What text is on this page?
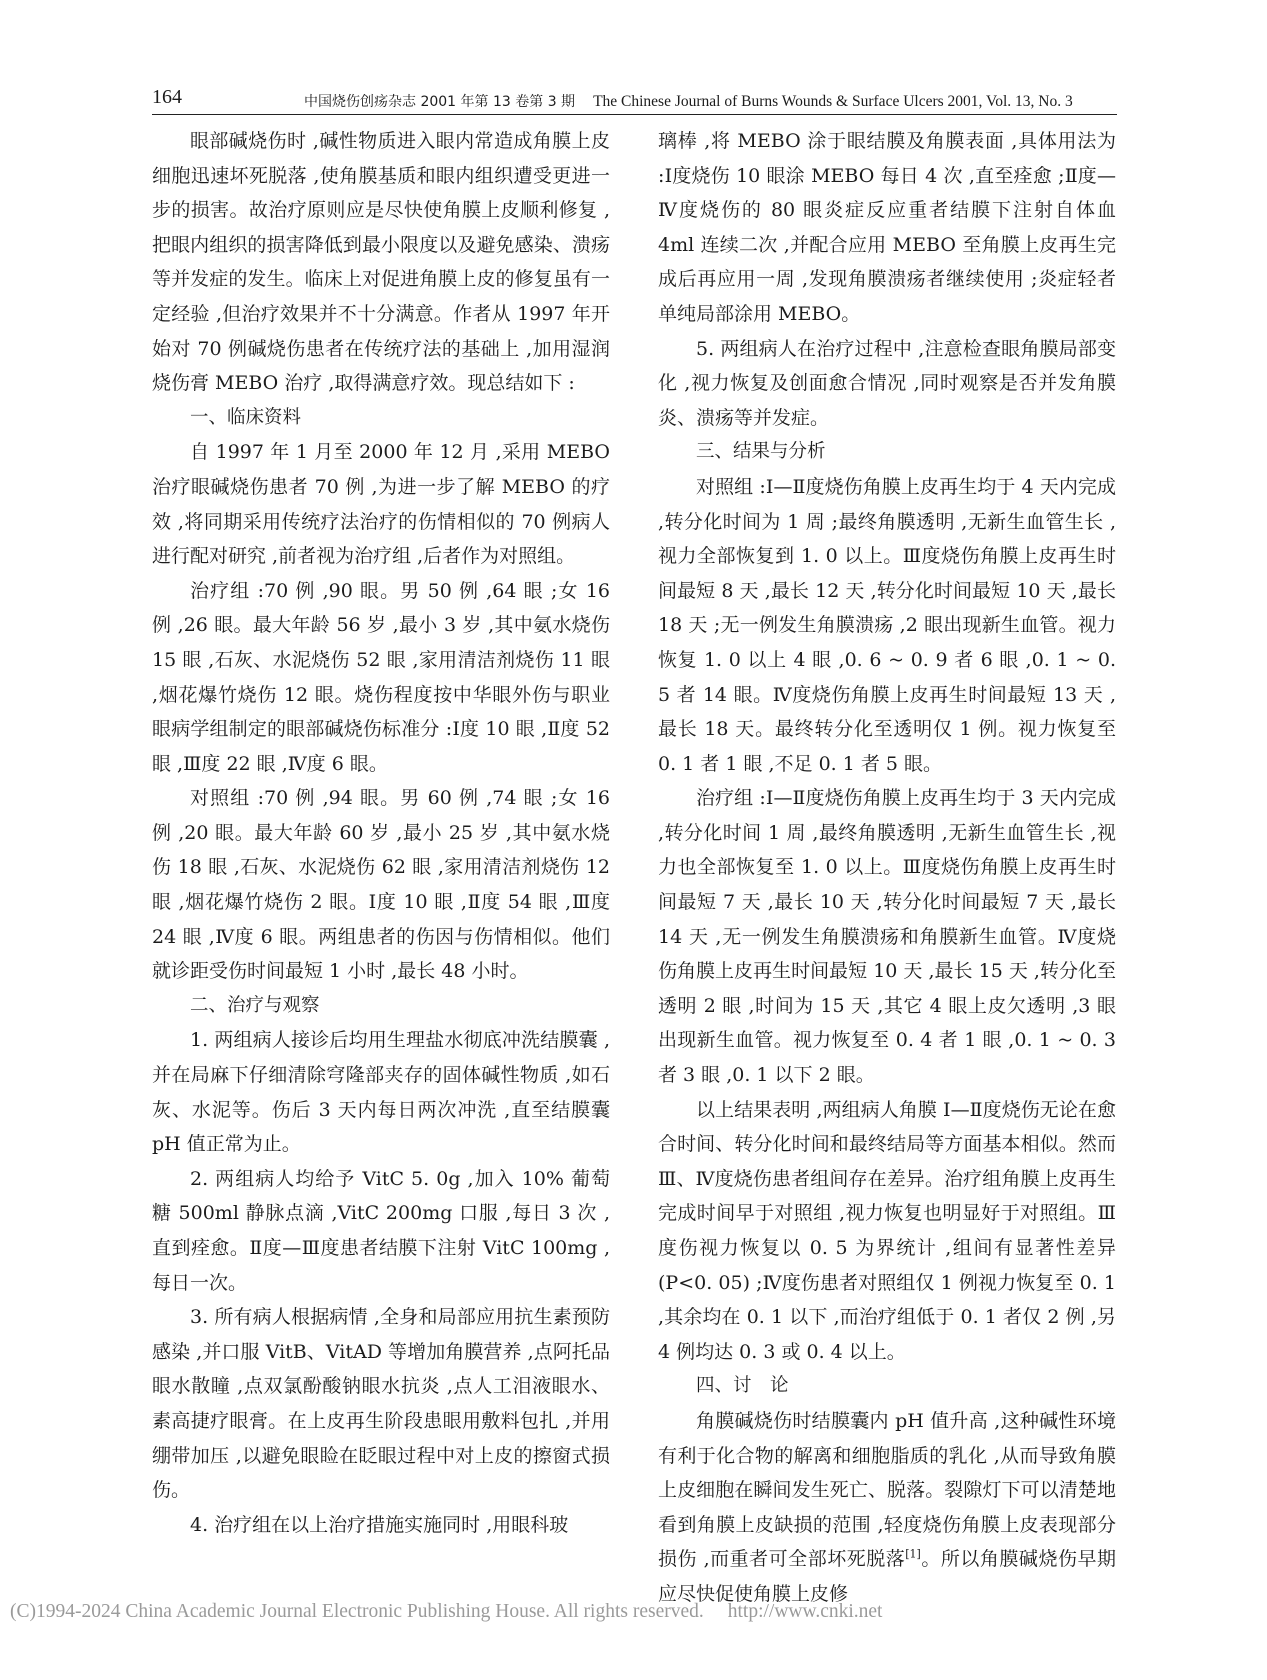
164	中国烧伤创疡杂志 2001 年第 13 卷第 3 期 The Chinese Journal of Burns Wounds & Surface Ulcers 2001, Vol. 13, No. 3

眼部碱烧伤时 ,碱性物质进入眼内常造成角膜上皮细胞迅速坏死脱落 ,使角膜基质和眼内组织遭受更进一步的损害。故治疗原则应是尽快使角膜上皮顺利修复 ,把眼内组织的损害降低到最小限度以及避免感染、溃疡等并发症的发生。临床上对促进角膜上皮的修复虽有一定经验 ,但治疗效果并不十分满意。作者从 1997 年开始对 70 例碱烧伤患者在传统疗法的基础上 ,加用湿润烧伤膏 MEBO 治疗 ,取得满意疗效。现总结如下 :

一、临床资料

自 1997 年 1 月至 2000 年 12 月 ,采用 MEBO 治疗眼碱烧伤患者 70 例 ,为进一步了解 MEBO 的疗效 ,将同期采用传统疗法治疗的伤情相似的 70 例病人进行配对研究 ,前者视为治疗组 ,后者作为对照组。

治疗组 :70 例 ,90 眼。男 50 例 ,64 眼 ;女 16 例 ,26 眼。最大年龄 56 岁 ,最小 3 岁 ,其中氨水烧伤 15 眼 ,石灰、水泥烧伤 52 眼 ,家用清洁剂烧伤 11 眼 ,烟花爆竹烧伤 12 眼。烧伤程度按中华眼外伤与职业眼病学组制定的眼部碱烧伤标准分 :Ⅰ度 10 眼 ,Ⅱ度 52 眼 ,Ⅲ度 22 眼 ,Ⅳ度 6 眼。

对照组 :70 例 ,94 眼。男 60 例 ,74 眼 ;女 16 例 ,20 眼。最大年龄 60 岁 ,最小 25 岁 ,其中氨水烧伤 18 眼 ,石灰、水泥烧伤 62 眼 ,家用清洁剂烧伤 12 眼 ,烟花爆竹烧伤 2 眼。Ⅰ度 10 眼 ,Ⅱ度 54 眼 ,Ⅲ度 24 眼 ,Ⅳ度 6 眼。两组患者的伤因与伤情相似。他们就诊距受伤时间最短 1 小时 ,最长 48 小时。

二、治疗与观察

1. 两组病人接诊后均用生理盐水彻底冲洗结膜囊 ,并在局麻下仔细清除穹隆部夹存的固体碱性物质 ,如石灰、水泥等。伤后 3 天内每日两次冲洗 ,直至结膜囊 pH 值正常为止。

2. 两组病人均给予 VitC 5. 0g ,加入 10% 葡萄糖 500ml 静脉点滴 ,VitC 200mg 口服 ,每日 3 次 ,直到痊愈。Ⅱ度—Ⅲ度患者结膜下注射 VitC 100mg ,每日一次。

3. 所有病人根据病情 ,全身和局部应用抗生素预防感染 ,并口服 VitB、VitAD 等增加角膜营养 ,点阿托品眼水散瞳 ,点双氯酚酸钠眼水抗炎 ,点人工泪液眼水、素高捷疗眼膏。在上皮再生阶段患眼用敷料包扎 ,并用绷带加压 ,以避免眼睑在眨眼过程中对上皮的擦窗式损伤。

4. 治疗组在以上治疗措施实施同时 ,用眼科玻

璃棒 ,将 MEBO 涂于眼结膜及角膜表面 ,具体用法为 :Ⅰ度烧伤 10 眼涂 MEBO 每日 4 次 ,直至痊愈 ;Ⅱ度—Ⅳ度烧伤的 80 眼炎症反应重者结膜下注射自体血 4ml 连续二次 ,并配合应用 MEBO 至角膜上皮再生完成后再应用一周 ,发现角膜溃疡者继续使用 ;炎症轻者单纯局部涂用 MEBO。

5. 两组病人在治疗过程中 ,注意检查眼角膜局部变化 ,视力恢复及创面愈合情况 ,同时观察是否并发角膜炎、溃疡等并发症。

三、结果与分析

对照组 :Ⅰ—Ⅱ度烧伤角膜上皮再生均于 4 天内完成 ,转分化时间为 1 周 ;最终角膜透明 ,无新生血管生长 ,视力全部恢复到 1. 0 以上。Ⅲ度烧伤角膜上皮再生时间最短 8 天 ,最长 12 天 ,转分化时间最短 10 天 ,最长 18 天 ;无一例发生角膜溃疡 ,2 眼出现新生血管。视力恢复 1. 0 以上 4 眼 ,0. 6 ~ 0. 9 者 6 眼 ,0. 1 ~ 0. 5 者 14 眼。Ⅳ度烧伤角膜上皮再生时间最短 13 天 ,最长 18 天。最终转分化至透明仅 1 例。视力恢复至 0. 1 者 1 眼 ,不足 0. 1 者 5 眼。

治疗组 :Ⅰ—Ⅱ度烧伤角膜上皮再生均于 3 天内完成 ,转分化时间 1 周 ,最终角膜透明 ,无新生血管生长 ,视力也全部恢复至 1. 0 以上。Ⅲ度烧伤角膜上皮再生时间最短 7 天 ,最长 10 天 ,转分化时间最短 7 天 ,最长 14 天 ,无一例发生角膜溃疡和角膜新生血管。Ⅳ度烧伤角膜上皮再生时间最短 10 天 ,最长 15 天 ,转分化至透明 2 眼 ,时间为 15 天 ,其它 4 眼上皮欠透明 ,3 眼出现新生血管。视力恢复至 0. 4 者 1 眼 ,0. 1 ~ 0. 3 者 3 眼 ,0. 1 以下 2 眼。

以上结果表明 ,两组病人角膜 Ⅰ—Ⅱ度烧伤无论在愈合时间、转分化时间和最终结局等方面基本相似。然而Ⅲ、Ⅳ度烧伤患者组间存在差异。治疗组角膜上皮再生完成时间早于对照组 ,视力恢复也明显好于对照组。Ⅲ度伤视力恢复以 0. 5 为界统计 ,组间有显著性差异(P<0. 05) ;Ⅳ度伤患者对照组仅 1 例视力恢复至 0. 1 ,其余均在 0. 1 以下 ,而治疗组低于 0. 1 者仅 2 例 ,另 4 例均达 0. 3 或 0. 4 以上。

四、讨　论

角膜碱烧伤时结膜囊内 pH 值升高 ,这种碱性环境有利于化合物的解离和细胞脂质的乳化 ,从而导致角膜上皮细胞在瞬间发生死亡、脱落。裂隙灯下可以清楚地看到角膜上皮缺损的范围 ,轻度烧伤角膜上皮表现部分损伤 ,而重者可全部坏死脱落[1]。所以角膜碱烧伤早期应尽快促使角膜上皮修

(C)1994-2024 China Academic Journal Electronic Publishing House. All rights reserved. http://www.cnki.net
